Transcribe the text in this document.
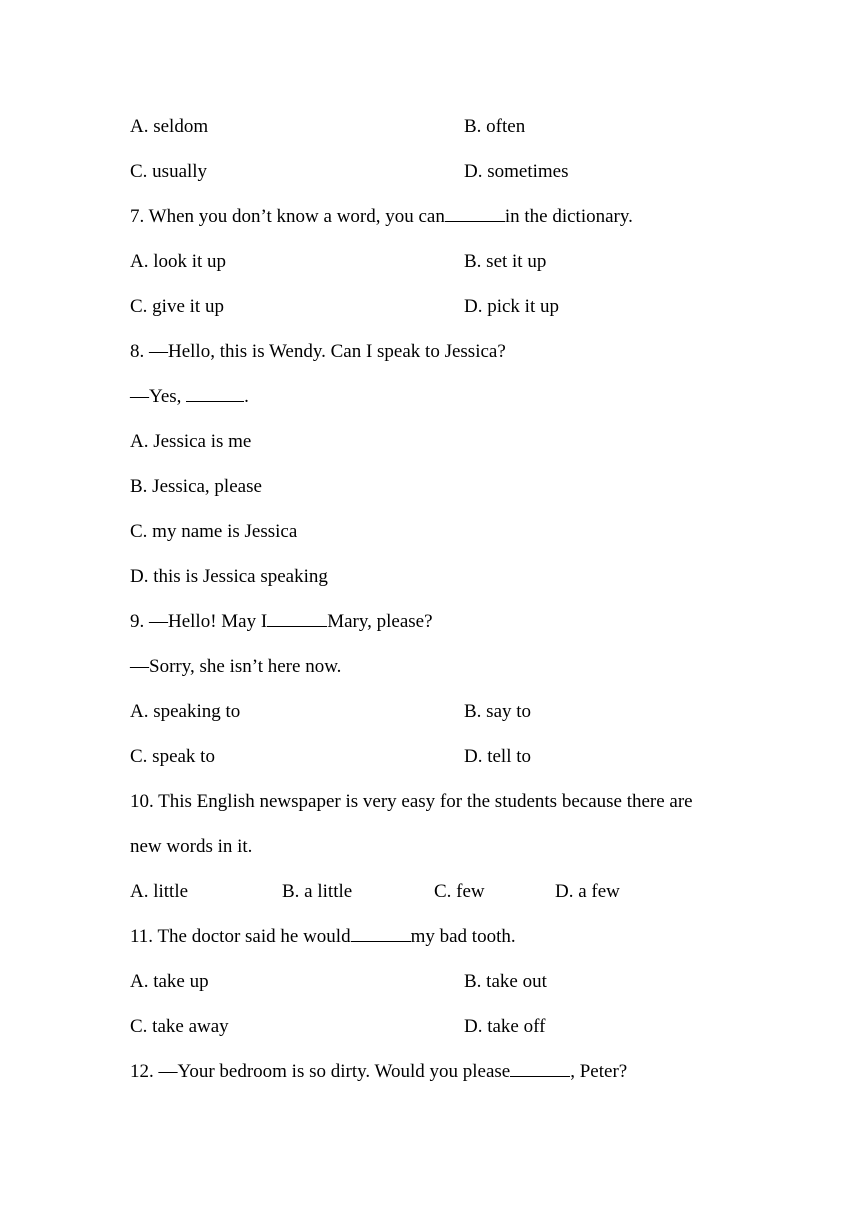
A. seldom	B. often
C. usually	D. sometimes
7. When you don’t know a word, you can	in the dictionary.
A. look it up	B. set it up
C. give it up	D. pick it up
8. —Hello, this is Wendy. Can I speak to Jessica?
—Yes,	.
A. Jessica is me
B. Jessica, please
C. my name is Jessica
D. this is Jessica speaking
9. —Hello! May I	Mary, please?
—Sorry, she isn’t here now.
A. speaking to	B. say to
C. speak to	D. tell to
10. This English newspaper is very easy for the students because there are
new words in it.
A. little	B. a little	C. few	D. a few
11. The doctor said he would	my bad tooth.
A. take up	B. take out
C. take away	D. take off
12. —Your bedroom is so dirty. Would you please	, Peter?
